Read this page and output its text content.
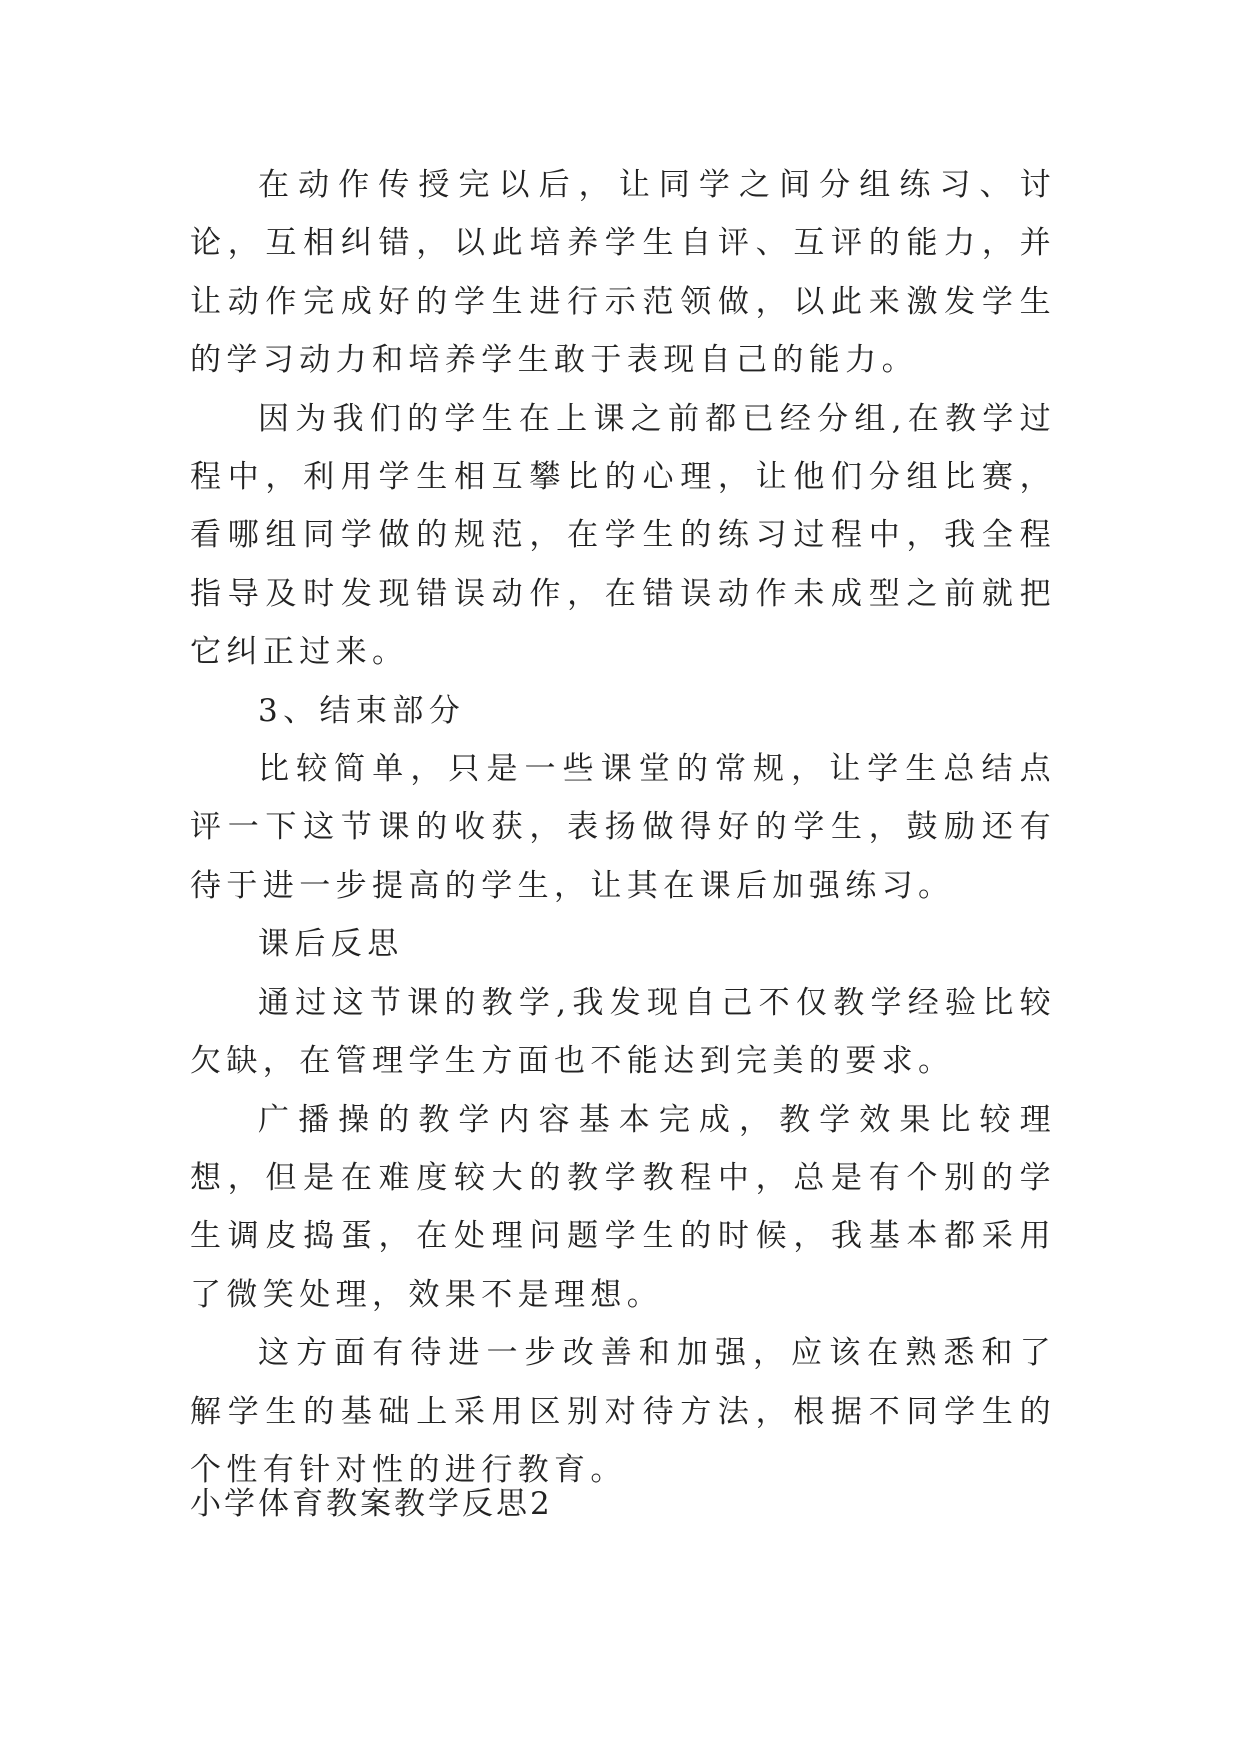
在动作传授完以后，让同学之间分组练习、讨论，互相纠错，以此培养学生自评、互评的能力，并让动作完成好的学生进行示范领做，以此来激发学生的学习动力和培养学生敢于表现自己的能力。

因为我们的学生在上课之前都已经分组,在教学过程中，利用学生相互攀比的心理，让他们分组比赛，看哪组同学做的规范，在学生的练习过程中，我全程指导及时发现错误动作，在错误动作未成型之前就把它纠正过来。

3、结束部分

比较简单，只是一些课堂的常规，让学生总结点评一下这节课的收获，表扬做得好的学生，鼓励还有待于进一步提高的学生，让其在课后加强练习。

课后反思

通过这节课的教学,我发现自己不仅教学经验比较欠缺，在管理学生方面也不能达到完美的要求。

广播操的教学内容基本完成，教学效果比较理想，但是在难度较大的教学教程中，总是有个别的学生调皮捣蛋，在处理问题学生的时候，我基本都采用了微笑处理，效果不是理想。

这方面有待进一步改善和加强，应该在熟悉和了解学生的基础上采用区别对待方法，根据不同学生的个性有针对性的进行教育。

小学体育教案教学反思2
